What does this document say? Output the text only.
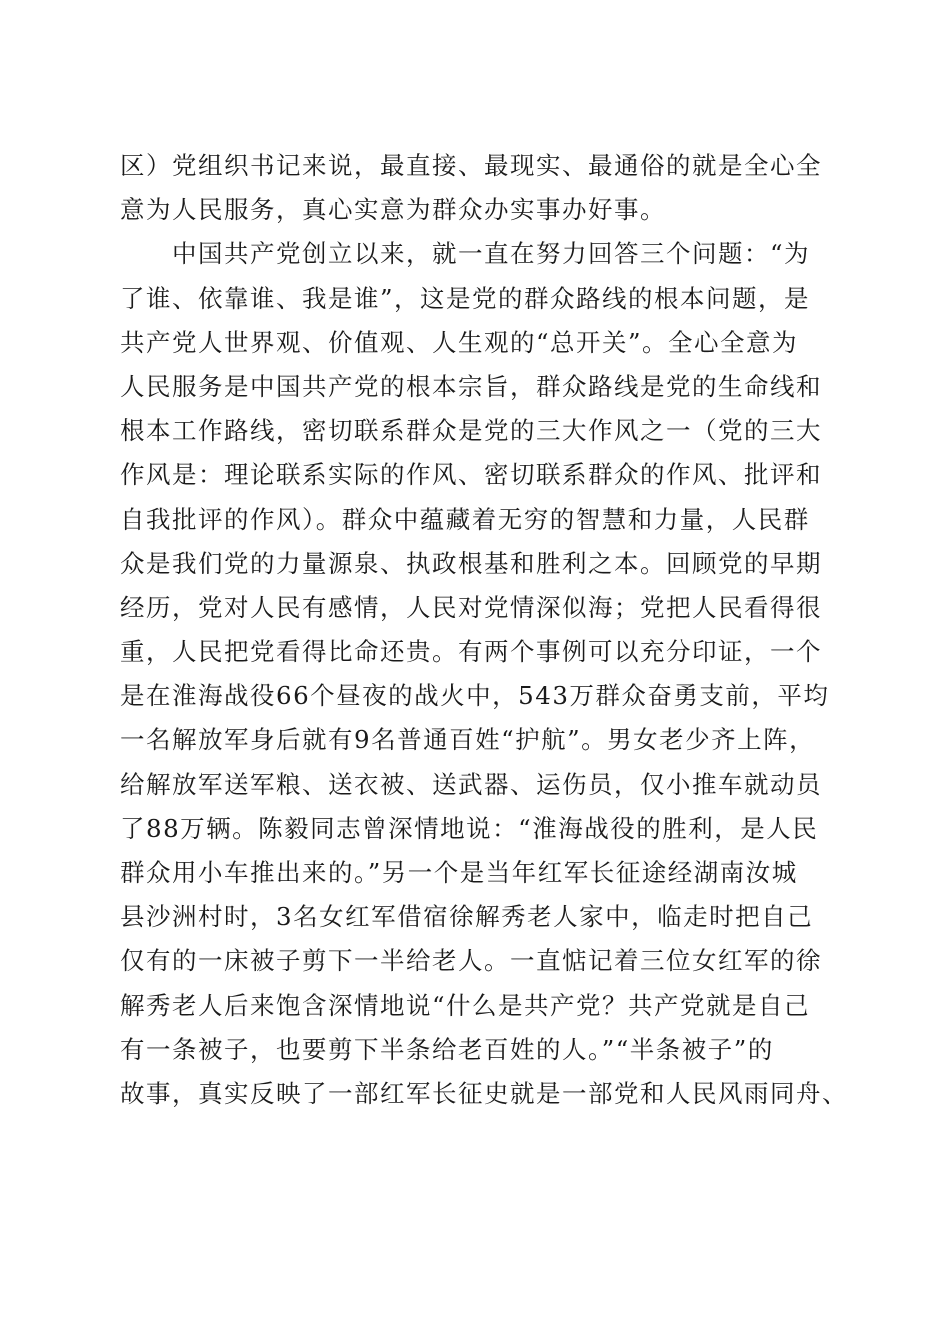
区）党组织书记来说，最直接、最现实、最通俗的就是全心全
意为人民服务，真心实意为群众办实事办好事。
　　中国共产党创立以来，就一直在努力回答三个问题：“为
了谁、依靠谁、我是谁”，这是党的群众路线的根本问题，是
共产党人世界观、价值观、人生观的“总开关”。全心全意为
人民服务是中国共产党的根本宗旨，群众路线是党的生命线和
根本工作路线，密切联系群众是党的三大作风之一（党的三大
作风是：理论联系实际的作风、密切联系群众的作风、批评和
自我批评的作风）。群众中蕴藏着无穷的智慧和力量，人民群
众是我们党的力量源泉、执政根基和胜利之本。回顾党的早期
经历，党对人民有感情，人民对党情深似海；党把人民看得很
重，人民把党看得比命还贵。有两个事例可以充分印证，一个
是在淮海战役66个昼夜的战火中，543万群众奋勇支前，平均
一名解放军身后就有9名普通百姓“护航”。男女老少齐上阵，
给解放军送军粮、送衣被、送武器、运伤员，仅小推车就动员
了88万辆。陈毅同志曾深情地说：“淮海战役的胜利，是人民
群众用小车推出来的。”另一个是当年红军长征途经湖南汝城
县沙洲村时，3名女红军借宿徐解秀老人家中，临走时把自己
仅有的一床被子剪下一半给老人。一直惦记着三位女红军的徐
解秀老人后来饱含深情地说“什么是共产党？共产党就是自己
有一条被子，也要剪下半条给老百姓的人。”“半条被子”的
故事，真实反映了一部红军长征史就是一部党和人民风雨同舟、
